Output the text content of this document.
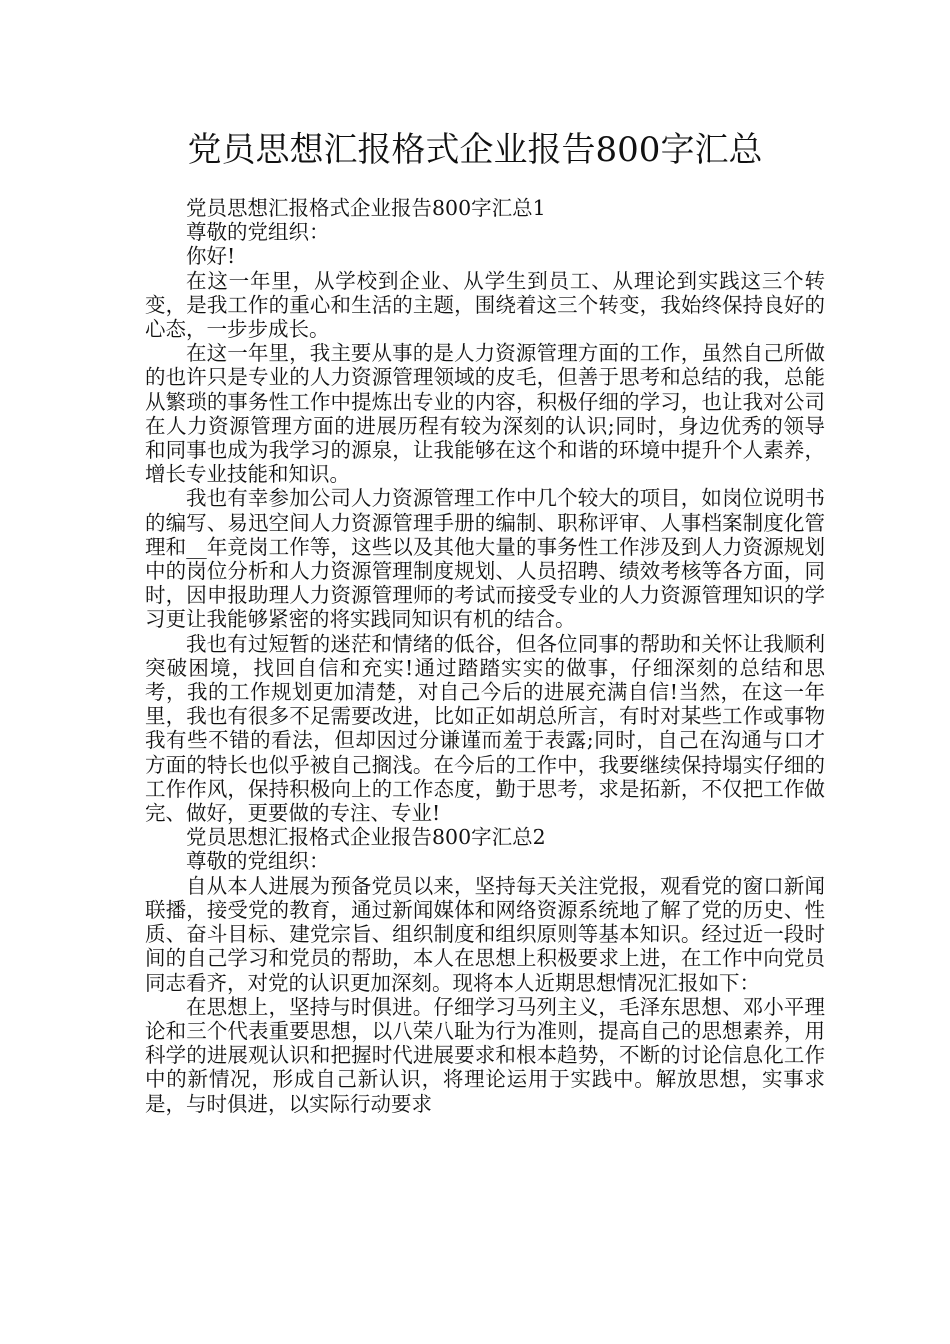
党员思想汇报格式企业报告800字汇总

党员思想汇报格式企业报告800字汇总1

尊敬的党组织：

你好!

在这一年里，从学校到企业、从学生到员工、从理论到实践这三个转变，是我工作的重心和生活的主题，围绕着这三个转变，我始终保持良好的心态，一步步成长。

在这一年里，我主要从事的是人力资源管理方面的工作，虽然自己所做的也许只是专业的人力资源管理领域的皮毛，但善于思考和总结的我，总能从繁琐的事务性工作中提炼出专业的内容，积极仔细的学习，也让我对公司在人力资源管理方面的进展历程有较为深刻的认识;同时，身边优秀的领导和同事也成为我学习的源泉，让我能够在这个和谐的环境中提升个人素养，增长专业技能和知识。

我也有幸参加公司人力资源管理工作中几个较大的项目，如岗位说明书的编写、易迅空间人力资源管理手册的编制、职称评审、人事档案制度化管理和__年竞岗工作等，这些以及其他大量的事务性工作涉及到人力资源规划中的岗位分析和人力资源管理制度规划、人员招聘、绩效考核等各方面，同时，因申报助理人力资源管理师的考试而接受专业的人力资源管理知识的学习更让我能够紧密的将实践同知识有机的结合。

我也有过短暂的迷茫和情绪的低谷，但各位同事的帮助和关怀让我顺利突破困境，找回自信和充实!通过踏踏实实的做事，仔细深刻的总结和思考，我的工作规划更加清楚，对自己今后的进展充满自信!当然，在这一年里，我也有很多不足需要改进，比如正如胡总所言，有时对某些工作或事物我有些不错的看法，但却因过分谦谨而羞于表露;同时，自己在沟通与口才方面的特长也似乎被自己搁浅。在今后的工作中，我要继续保持塌实仔细的工作作风，保持积极向上的工作态度，勤于思考，求是拓新，不仅把工作做完、做好，更要做的专注、专业!

党员思想汇报格式企业报告800字汇总2

尊敬的党组织：

自从本人进展为预备党员以来，坚持每天关注党报，观看党的窗口新闻联播，接受党的教育，通过新闻媒体和网络资源系统地了解了党的历史、性质、奋斗目标、建党宗旨、组织制度和组织原则等基本知识。经过近一段时间的自己学习和党员的帮助，本人在思想上积极要求上进，在工作中向党员同志看齐，对党的认识更加深刻。现将本人近期思想情况汇报如下：

在思想上，坚持与时俱进。仔细学习马列主义，毛泽东思想、邓小平理论和三个代表重要思想，以八荣八耻为行为准则，提高自己的思想素养，用科学的进展观认识和把握时代进展要求和根本趋势，不断的讨论信息化工作中的新情况，形成自己新认识，将理论运用于实践中。解放思想，实事求是，与时俱进，以实际行动要求
